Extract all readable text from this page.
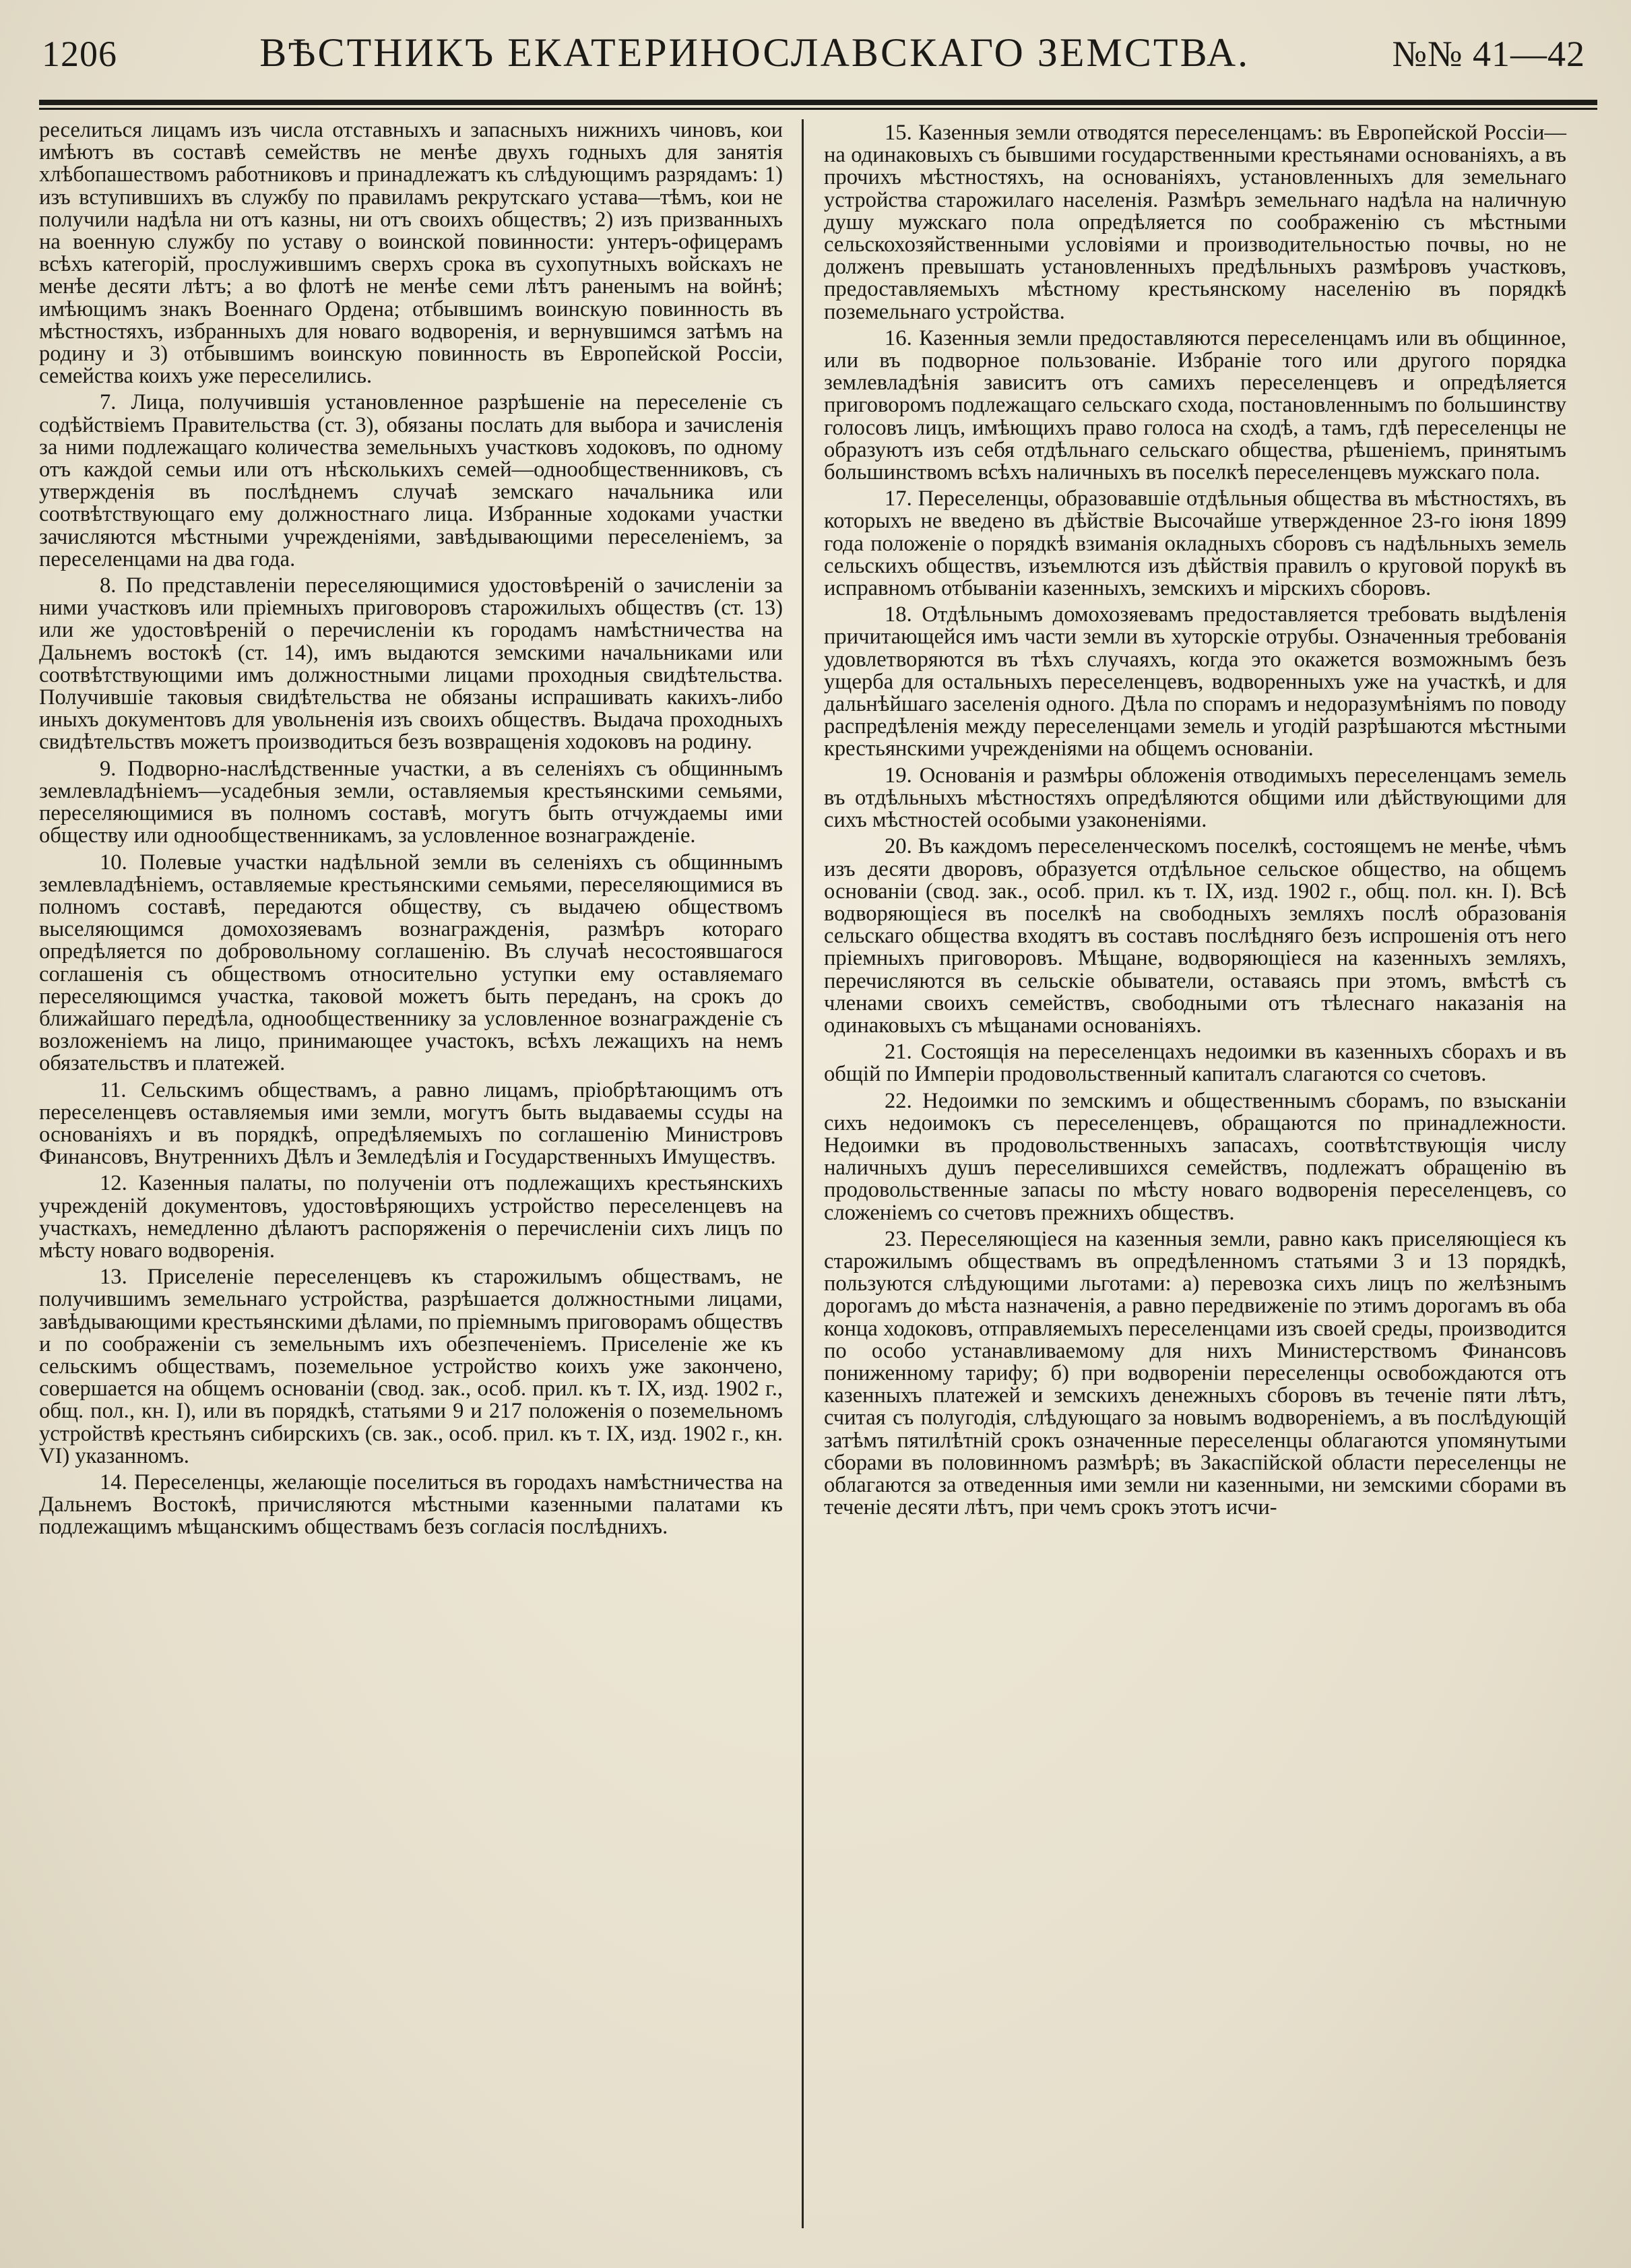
1206	ВѢСТНИКЪ ЕКАТЕРИНОСЛАВСКАГО ЗЕМСТВА.	№№ 41—42

реселиться лицамъ изъ числа отставныхъ и запасныхъ нижнихъ чиновъ, кои имѣютъ въ составѣ семействъ не менѣе двухъ годныхъ для занятія хлѣбопашествомъ работниковъ и принадлежатъ къ слѣдующимъ разрядамъ: 1) изъ вступившихъ въ службу по правиламъ рекрутскаго устава—тѣмъ, кои не получили надѣла ни отъ казны, ни отъ своихъ обществъ; 2) изъ призванныхъ на военную службу по уставу о воинской повинности: унтеръ-офицерамъ всѣхъ категорій, прослужившимъ сверхъ срока въ сухопутныхъ войскахъ не менѣе десяти лѣтъ; а во флотѣ не менѣе семи лѣтъ раненымъ на войнѣ; имѣющимъ знакъ Военнаго Ордена; отбывшимъ воинскую повинность въ мѣстностяхъ, избранныхъ для новаго водворенія, и вернувшимся затѣмъ на родину и 3) отбывшимъ воинскую повинность въ Европейской Россіи, семейства коихъ уже переселились.

7. Лица, получившія установленное разрѣшеніе на переселеніе съ содѣйствіемъ Правительства (ст. 3), обязаны послать для выбора и зачисленія за ними подлежащаго количества земельныхъ участковъ ходоковъ, по одному отъ каждой семьи или отъ нѣсколькихъ семей—однообщественниковъ, съ утвержденія въ послѣднемъ случаѣ земскаго начальника или соотвѣтствующаго ему должностнаго лица. Избранные ходоками участки зачисляются мѣстными учрежденіями, завѣдывающими переселеніемъ, за переселенцами на два года.

8. По представленіи переселяющимися удостовѣреній о зачисленіи за ними участковъ или пріемныхъ приговоровъ старожилыхъ обществъ (ст. 13) или же удостовѣреній о перечисленіи къ городамъ намѣстничества на Дальнемъ востокѣ (ст. 14), имъ выдаются земскими начальниками или соотвѣтствующими имъ должностными лицами проходныя свидѣтельства. Получившіе таковыя свидѣтельства не обязаны испрашивать какихъ-либо иныхъ документовъ для увольненія изъ своихъ обществъ. Выдача проходныхъ свидѣтельствъ можетъ производиться безъ возвращенія ходоковъ на родину.

9. Подворно-наслѣдственные участки, а въ селеніяхъ съ общиннымъ землевладѣніемъ—усадебныя земли, оставляемыя крестьянскими семьями, переселяющимися въ полномъ составѣ, могутъ быть отчуждаемы ими обществу или однообщественникамъ, за условленное вознагражденіе.

10. Полевые участки надѣльной земли въ селеніяхъ съ общиннымъ землевладѣніемъ, оставляемые крестьянскими семьями, переселяющимися въ полномъ составѣ, передаются обществу, съ выдачею обществомъ выселяющимся домохозяевамъ вознагражденія, размѣръ котораго опредѣляется по добровольному соглашенію. Въ случаѣ несостоявшагося соглашенія съ обществомъ относительно уступки ему оставляемаго переселяющимся участка, таковой можетъ быть переданъ, на срокъ до ближайшаго передѣла, однообщественнику за условленное вознагражденіе съ возложеніемъ на лицо, принимающее участокъ, всѣхъ лежащихъ на немъ обязательствъ и платежей.

11. Сельскимъ обществамъ, а равно лицамъ, пріобрѣтающимъ отъ переселенцевъ оставляемыя ими земли, могутъ быть выдаваемы ссуды на основаніяхъ и въ порядкѣ, опредѣляемыхъ по соглашенію Министровъ Финансовъ, Внутреннихъ Дѣлъ и Земледѣлія и Государственныхъ Имуществъ.

12. Казенныя палаты, по полученіи отъ подлежащихъ крестьянскихъ учрежденій документовъ, удостовѣряющихъ устройство переселенцевъ на участкахъ, немедленно дѣлаютъ распоряженія о перечисленіи сихъ лицъ по мѣсту новаго водворенія.

13. Приселеніе переселенцевъ къ старожилымъ обществамъ, не получившимъ земельнаго устройства, разрѣшается должностными лицами, завѣдывающими крестьянскими дѣлами, по пріемнымъ приговорамъ обществъ и по соображеніи съ земельнымъ ихъ обезпеченіемъ. Приселеніе же къ сельскимъ обществамъ, поземельное устройство коихъ уже закончено, совершается на общемъ основаніи (свод. зак., особ. прил. къ т. IX, изд. 1902 г., общ. пол., кн. I), или въ порядкѣ, статьями 9 и 217 положенія о поземельномъ устройствѣ крестьянъ сибирскихъ (св. зак., особ. прил. къ т. IX, изд. 1902 г., кн. VI) указанномъ.

14. Переселенцы, желающіе поселиться въ городахъ намѣстничества на Дальнемъ Востокѣ, причисляются мѣстными казенными палатами къ подлежащимъ мѣщанскимъ обществамъ безъ согласія послѣднихъ.

15. Казенныя земли отводятся переселенцамъ: въ Европейской Россіи—на одинаковыхъ съ бывшими государственными крестьянами основаніяхъ, а въ прочихъ мѣстностяхъ, на основаніяхъ, установленныхъ для земельнаго устройства старожилаго населенія. Размѣръ земельнаго надѣла на наличную душу мужскаго пола опредѣляется по соображенію съ мѣстными сельскохозяйственными условіями и производительностью почвы, но не долженъ превышать установленныхъ предѣльныхъ размѣровъ участковъ, предоставляемыхъ мѣстному крестьянскому населенію въ порядкѣ поземельнаго устройства.

16. Казенныя земли предоставляются переселенцамъ или въ общинное, или въ подворное пользованіе. Избраніе того или другого порядка землевладѣнія зависитъ отъ самихъ переселенцевъ и опредѣляется приговоромъ подлежащаго сельскаго схода, постановленнымъ по большинству голосовъ лицъ, имѣющихъ право голоса на сходѣ, а тамъ, гдѣ переселенцы не образуютъ изъ себя отдѣльнаго сельскаго общества, рѣшеніемъ, принятымъ большинствомъ всѣхъ наличныхъ въ поселкѣ переселенцевъ мужскаго пола.

17. Переселенцы, образовавшіе отдѣльныя общества въ мѣстностяхъ, въ которыхъ не введено въ дѣйствіе Высочайше утвержденное 23-го іюня 1899 года положеніе о порядкѣ взиманія окладныхъ сборовъ съ надѣльныхъ земель сельскихъ обществъ, изъемлются изъ дѣйствія правилъ о круговой порукѣ въ исправномъ отбываніи казенныхъ, земскихъ и мірскихъ сборовъ.

18. Отдѣльнымъ домохозяевамъ предоставляется требовать выдѣленія причитающейся имъ части земли въ хуторскіе отрубы. Означенныя требованія удовлетворяются въ тѣхъ случаяхъ, когда это окажется возможнымъ безъ ущерба для остальныхъ переселенцевъ, водворенныхъ уже на участкѣ, и для дальнѣйшаго заселенія одного. Дѣла по спорамъ и недоразумѣніямъ по поводу распредѣленія между переселенцами земель и угодій разрѣшаются мѣстными крестьянскими учрежденіями на общемъ основаніи.

19. Основанія и размѣры обложенія отводимыхъ переселенцамъ земель въ отдѣльныхъ мѣстностяхъ опредѣляются общими или дѣйствующими для сихъ мѣстностей особыми узаконеніями.

20. Въ каждомъ переселенческомъ поселкѣ, состоящемъ не менѣе, чѣмъ изъ десяти дворовъ, образуется отдѣльное сельское общество, на общемъ основаніи (свод. зак., особ. прил. къ т. IX, изд. 1902 г., общ. пол. кн. I). Всѣ водворяющіеся въ поселкѣ на свободныхъ земляхъ послѣ образованія сельскаго общества входятъ въ составъ послѣдняго безъ испрошенія отъ него пріемныхъ приговоровъ. Мѣщане, водворяющіеся на казенныхъ земляхъ, перечисляются въ сельскіе обыватели, оставаясь при этомъ, вмѣстѣ съ членами своихъ семействъ, свободными отъ тѣлеснаго наказанія на одинаковыхъ съ мѣщанами основаніяхъ.

21. Состоящія на переселенцахъ недоимки въ казенныхъ сборахъ и въ общій по Имперіи продовольственный капиталъ слагаются со счетовъ.

22. Недоимки по земскимъ и общественнымъ сборамъ, по взысканіи сихъ недоимокъ съ переселенцевъ, обращаются по принадлежности. Недоимки въ продовольственныхъ запасахъ, соотвѣтствующія числу наличныхъ душъ переселившихся семействъ, подлежатъ обращенію въ продовольственные запасы по мѣсту новаго водворенія переселенцевъ, со сложеніемъ со счетовъ прежнихъ обществъ.

23. Переселяющіеся на казенныя земли, равно какъ приселяющіеся къ старожилымъ обществамъ въ опредѣленномъ статьями 3 и 13 порядкѣ, пользуются слѣдующими льготами: а) перевозка сихъ лицъ по желѣзнымъ дорогамъ до мѣста назначенія, а равно передвиженіе по этимъ дорогамъ въ оба конца ходоковъ, отправляемыхъ переселенцами изъ своей среды, производится по особо устанавливаемому для нихъ Министерствомъ Финансовъ пониженному тарифу; б) при водвореніи переселенцы освобождаются отъ казенныхъ платежей и земскихъ денежныхъ сборовъ въ теченіе пяти лѣтъ, считая съ полугодія, слѣдующаго за новымъ водвореніемъ, а въ послѣдующій затѣмъ пятилѣтній срокъ означенные переселенцы облагаются упомянутыми сборами въ половинномъ размѣрѣ; въ Закаспійской области переселенцы не облагаются за отведенныя ими земли ни казенными, ни земскими сборами въ теченіе десяти лѣтъ, при чемъ срокъ этотъ исчи-
